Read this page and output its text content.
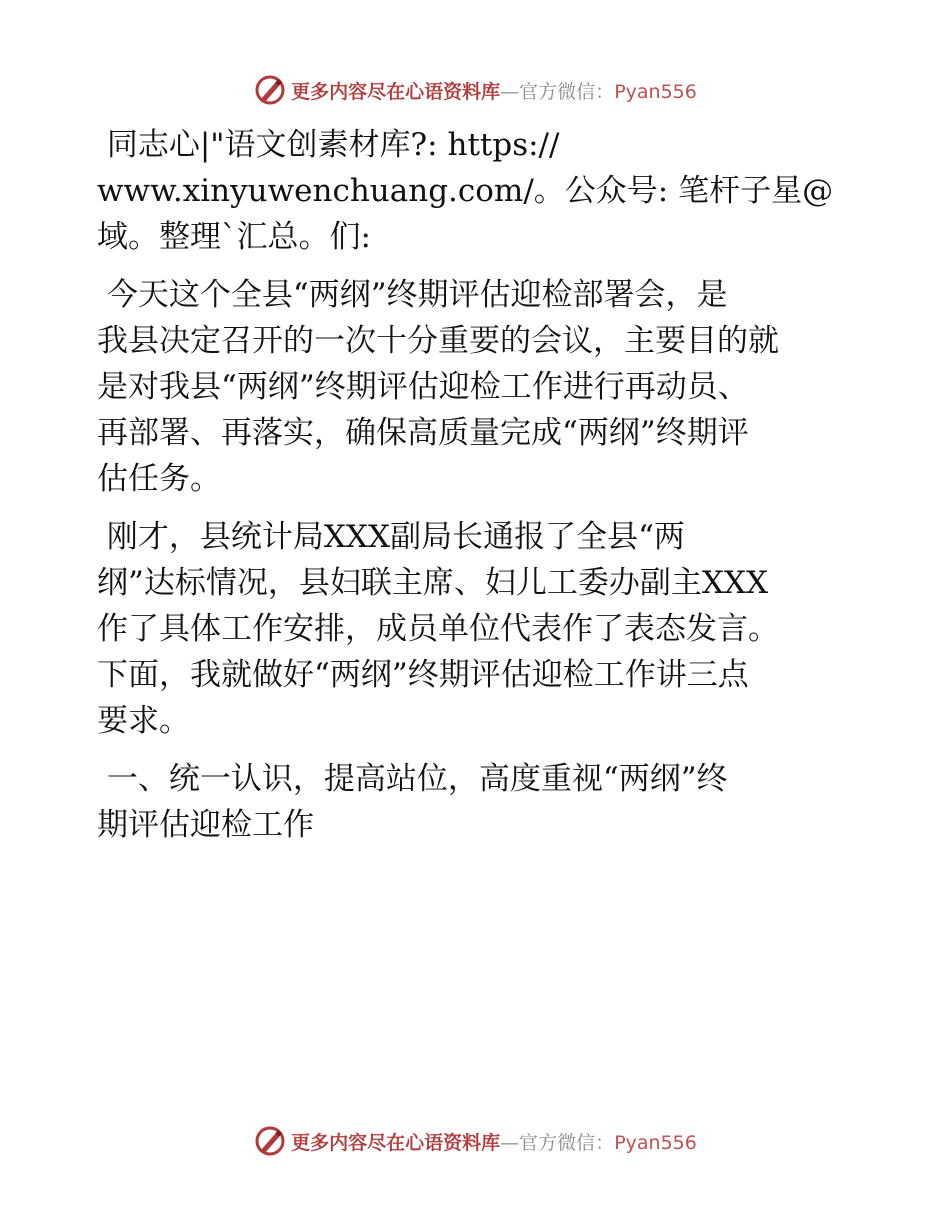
更多内容尽在心语资料库—官方微信：Pyan556

同志心|"语文创素材库?: https://
www.xinyuwenchuang.com/。公众号: 笔杆子星@
域。整理`汇总。们:

今天这个全县“两纲”终期评估迎检部署会，是
我县决定召开的一次十分重要的会议，主要目的就
是对我县“两纲”终期评估迎检工作进行再动员、
再部署、再落实，确保高质量完成“两纲”终期评
估任务。

刚才，县统计局XXX副局长通报了全县“两
纲”达标情况，县妇联主席、妇儿工委办副主XXX
作了具体工作安排，成员单位代表作了表态发言。
下面，我就做好“两纲”终期评估迎检工作讲三点
要求。

一、统一认识，提高站位，高度重视“两纲”终
期评估迎检工作

更多内容尽在心语资料库—官方微信：Pyan556
